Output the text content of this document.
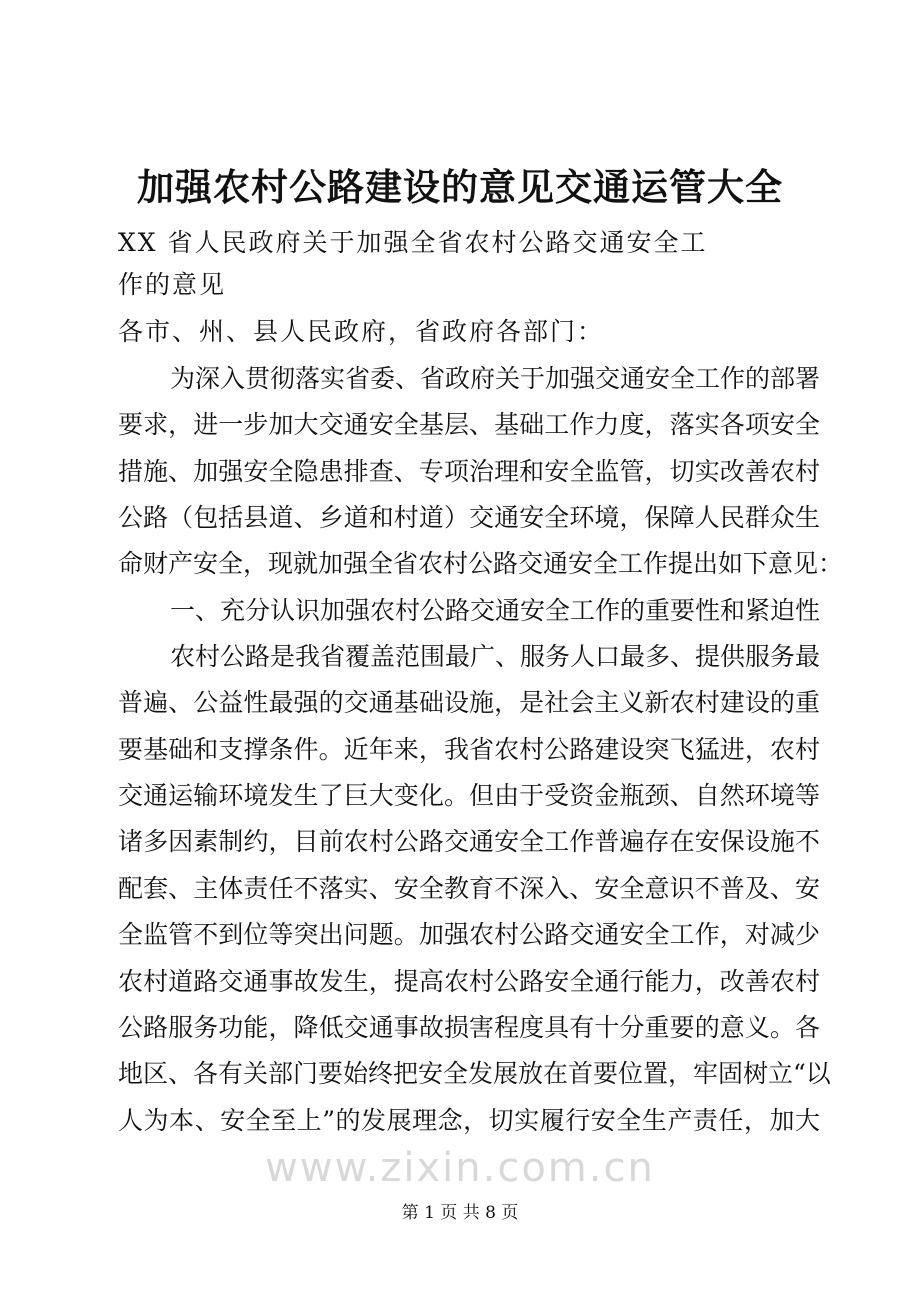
加强农村公路建设的意见交通运管大全
XX 省人民政府关于加强全省农村公路交通安全工
作的意见
各市、州、县人民政府，省政府各部门：
为深入贯彻落实省委、省政府关于加强交通安全工作的部署
要求，进一步加大交通安全基层、基础工作力度，落实各项安全
措施、加强安全隐患排查、专项治理和安全监管，切实改善农村
公路（包括县道、乡道和村道）交通安全环境，保障人民群众生
命财产安全，现就加强全省农村公路交通安全工作提出如下意见：
一、充分认识加强农村公路交通安全工作的重要性和紧迫性
农村公路是我省覆盖范围最广、服务人口最多、提供服务最
普遍、公益性最强的交通基础设施，是社会主义新农村建设的重
要基础和支撑条件。近年来，我省农村公路建设突飞猛进，农村
交通运输环境发生了巨大变化。但由于受资金瓶颈、自然环境等
诸多因素制约，目前农村公路交通安全工作普遍存在安保设施不
配套、主体责任不落实、安全教育不深入、安全意识不普及、安
全监管不到位等突出问题。加强农村公路交通安全工作，对减少
农村道路交通事故发生，提高农村公路安全通行能力，改善农村
公路服务功能，降低交通事故损害程度具有十分重要的意义。各
地区、各有关部门要始终把安全发展放在首要位置，牢固树立“以
人为本、安全至上”的发展理念，切实履行安全生产责任，加大
www.zixin.com.cn
第 1 页 共 8 页
